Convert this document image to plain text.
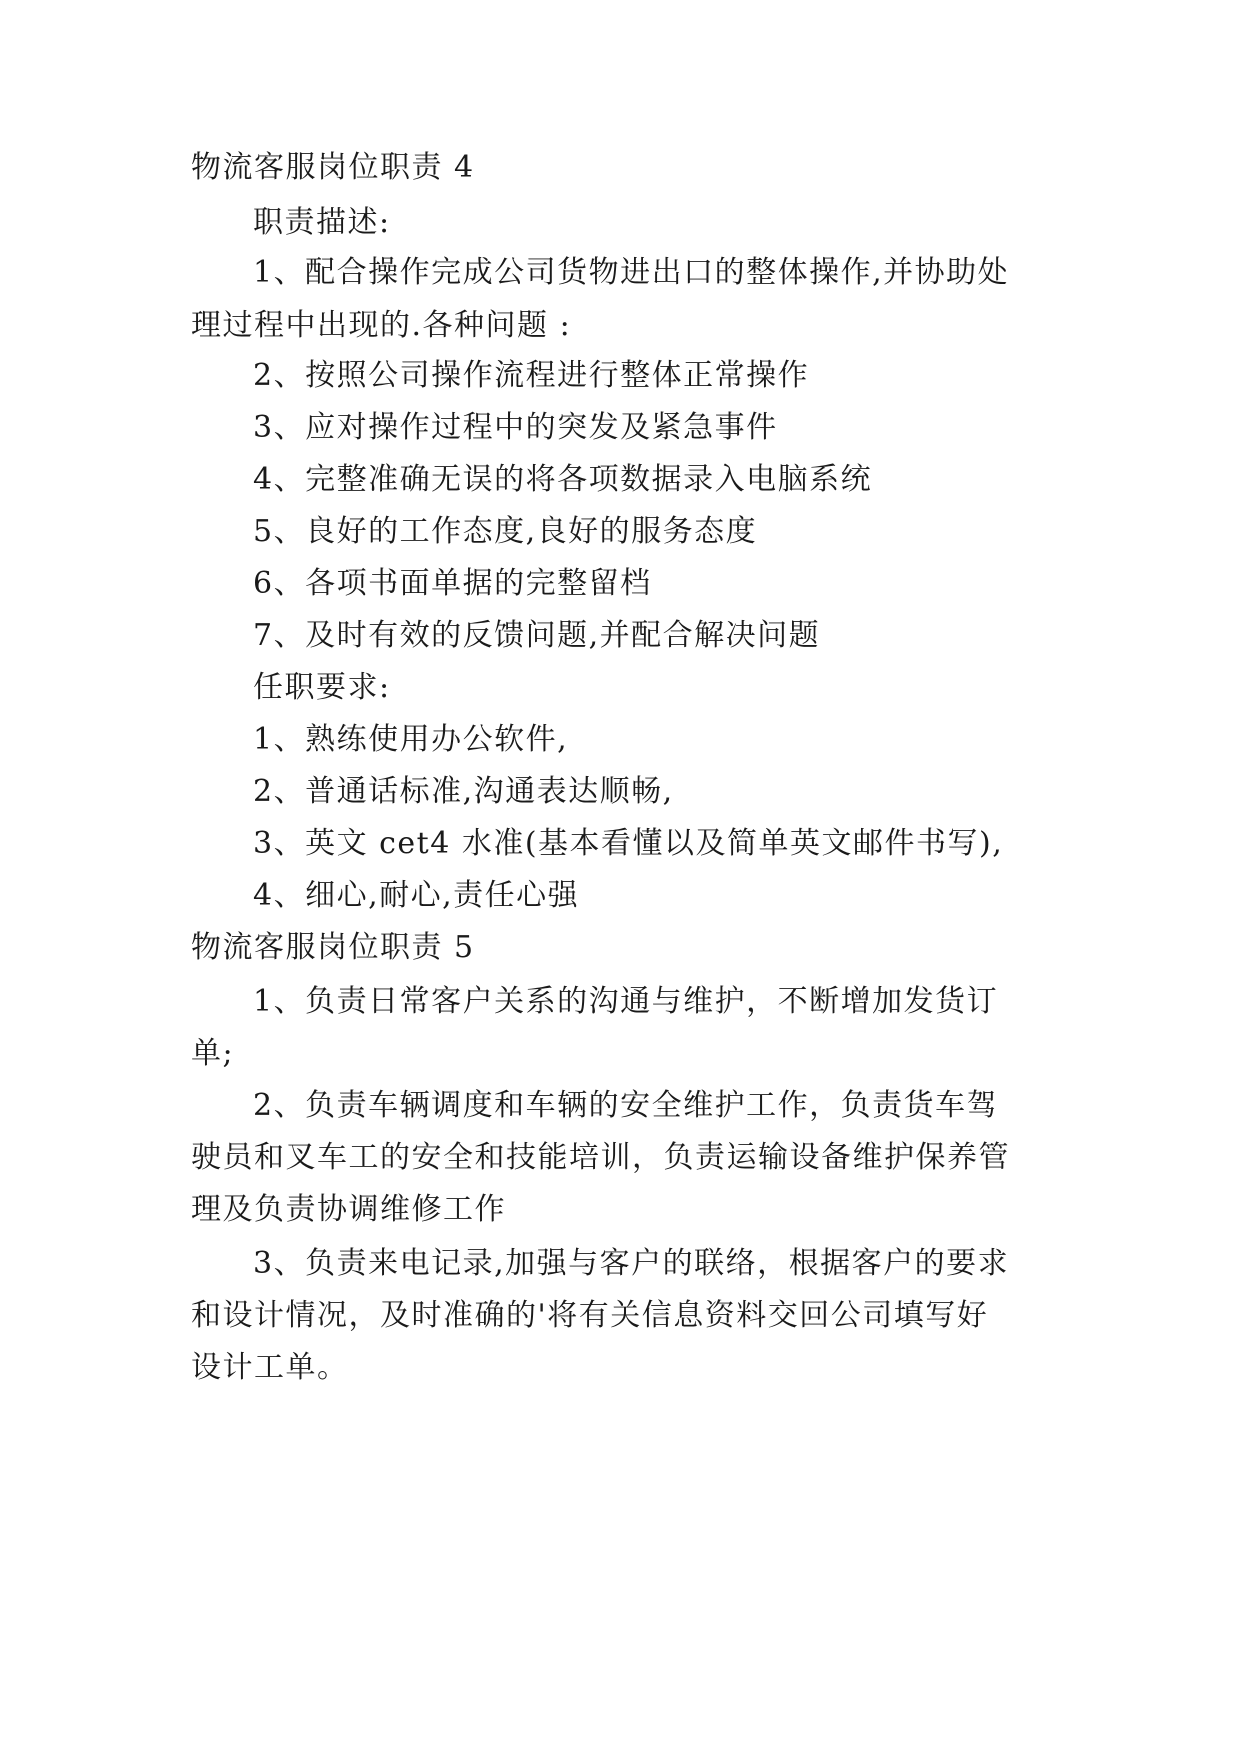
物流客服岗位职责 4
职责描述:
1、配合操作完成公司货物进出口的整体操作,并协助处
理过程中出现的.各种问题 :
2、按照公司操作流程进行整体正常操作
3、应对操作过程中的突发及紧急事件
4、完整准确无误的将各项数据录入电脑系统
5、良好的工作态度,良好的服务态度
6、各项书面单据的完整留档
7、及时有效的反馈问题,并配合解决问题
任职要求:
1、熟练使用办公软件,
2、普通话标准,沟通表达顺畅,
3、英文 cet4 水准(基本看懂以及简单英文邮件书写),
4、细心,耐心,责任心强
物流客服岗位职责 5
1、负责日常客户关系的沟通与维护，不断增加发货订
单;
2、负责车辆调度和车辆的安全维护工作，负责货车驾
驶员和叉车工的安全和技能培训，负责运输设备维护保养管
理及负责协调维修工作
3、负责来电记录,加强与客户的联络，根据客户的要求
和设计情况，及时准确的'将有关信息资料交回公司填写好
设计工单。
